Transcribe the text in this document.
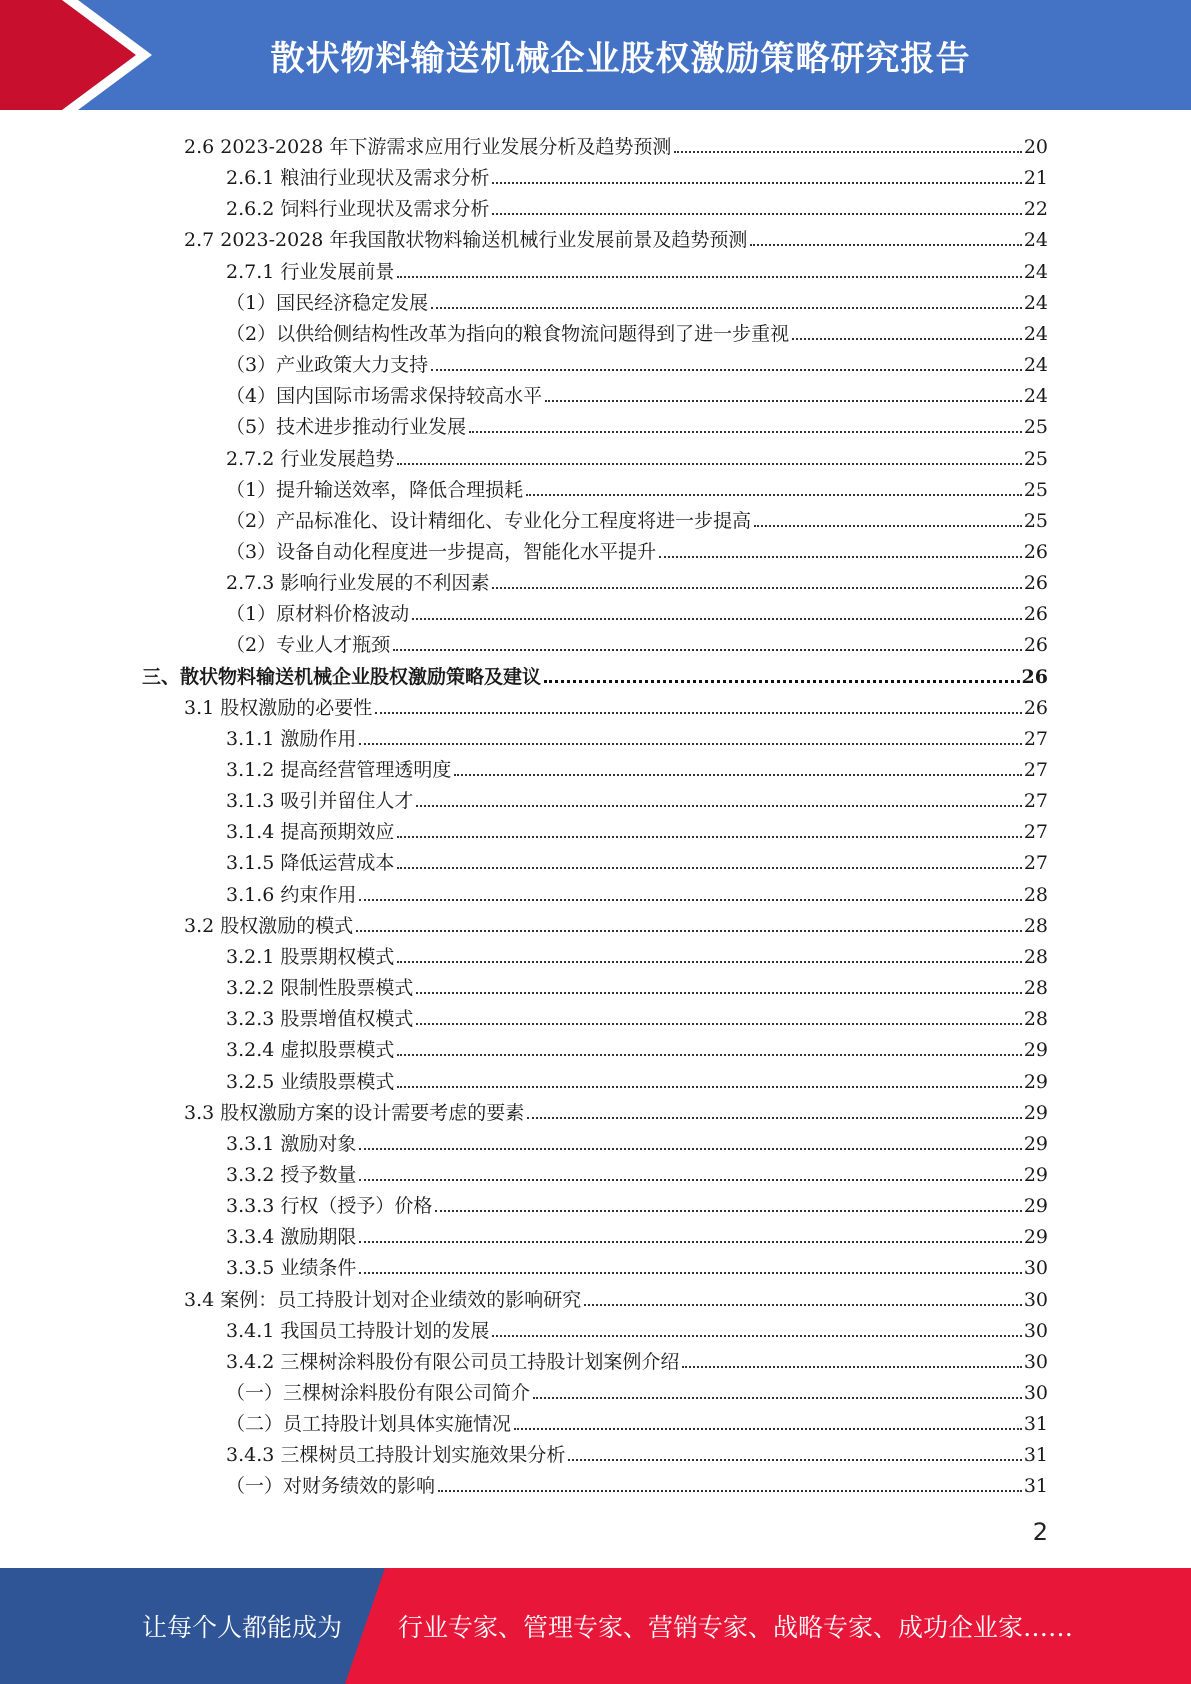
散状物料输送机械企业股权激励策略研究报告
2.6 2023-2028 年下游需求应用行业发展分析及趋势预测	20
2.6.1 粮油行业现状及需求分析	21
2.6.2 饲料行业现状及需求分析	22
2.7 2023-2028 年我国散状物料输送机械行业发展前景及趋势预测	24
2.7.1 行业发展前景	24
（1）国民经济稳定发展	24
（2）以供给侧结构性改革为指向的粮食物流问题得到了进一步重视	24
（3）产业政策大力支持	24
（4）国内国际市场需求保持较高水平	24
（5）技术进步推动行业发展	25
2.7.2 行业发展趋势	25
（1）提升输送效率，降低合理损耗	25
（2）产品标准化、设计精细化、专业化分工程度将进一步提高	25
（3）设备自动化程度进一步提高，智能化水平提升	26
2.7.3 影响行业发展的不利因素	26
（1）原材料价格波动	26
（2）专业人才瓶颈	26
三、散状物料输送机械企业股权激励策略及建议	26
3.1 股权激励的必要性	26
3.1.1 激励作用	27
3.1.2 提高经营管理透明度	27
3.1.3 吸引并留住人才	27
3.1.4 提高预期效应	27
3.1.5 降低运营成本	27
3.1.6 约束作用	28
3.2 股权激励的模式	28
3.2.1 股票期权模式	28
3.2.2 限制性股票模式	28
3.2.3 股票增值权模式	28
3.2.4 虚拟股票模式	29
3.2.5 业绩股票模式	29
3.3 股权激励方案的设计需要考虑的要素	29
3.3.1 激励对象	29
3.3.2 授予数量	29
3.3.3 行权（授予）价格	29
3.3.4 激励期限	29
3.3.5 业绩条件	30
3.4 案例：员工持股计划对企业绩效的影响研究	30
3.4.1 我国员工持股计划的发展	30
3.4.2 三棵树涂料股份有限公司员工持股计划案例介绍	30
（一）三棵树涂料股份有限公司简介	30
（二）员工持股计划具体实施情况	31
3.4.3 三棵树员工持股计划实施效果分析	31
（一）对财务绩效的影响	31
2
让每个人都能成为 行业专家、管理专家、营销专家、战略专家、成功企业家……
